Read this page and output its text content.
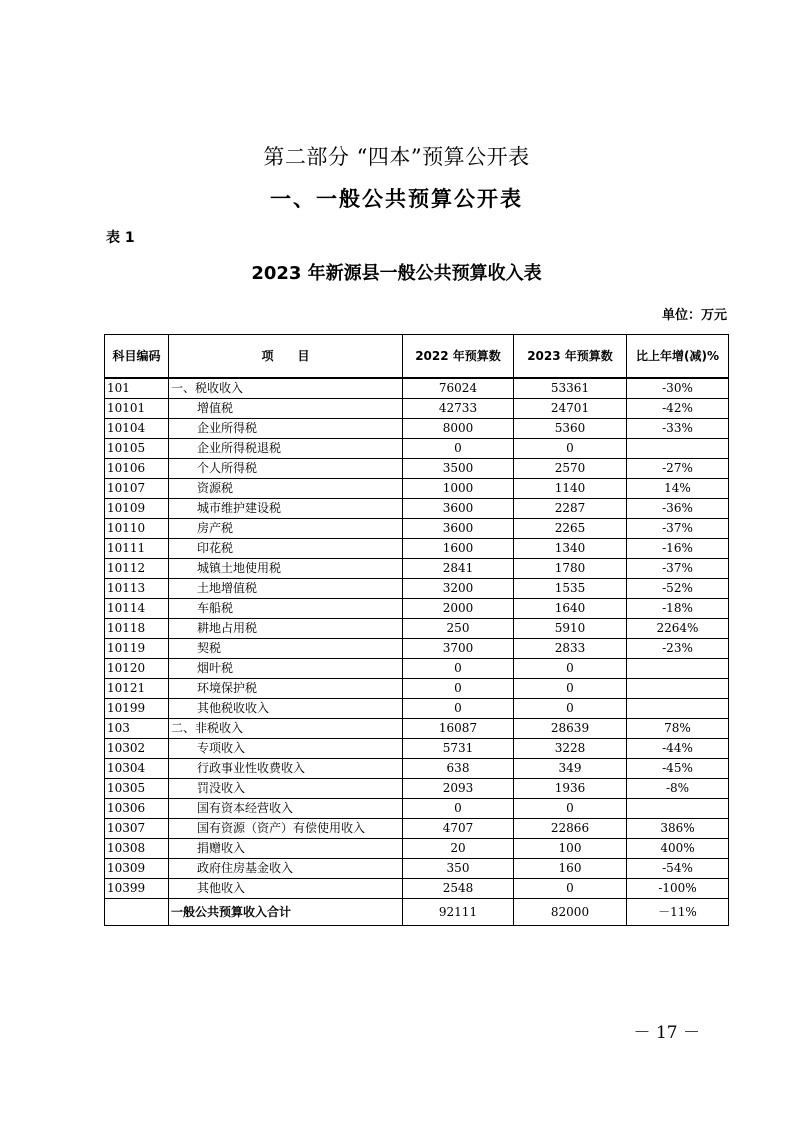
第二部分 “四本”预算公开表
一、一般公共预算公开表
表 1
2023 年新源县一般公共预算收入表
单位：万元
科目编码	项　　目	2022 年预算数	2023 年预算数	比上年增(减)%
101	一、税收收入	76024	53361	-30%
10101	增值税	42733	24701	-42%
10104	企业所得税	8000	5360	-33%
10105	企业所得税退税	0	0	
10106	个人所得税	3500	2570	-27%
10107	资源税	1000	1140	14%
10109	城市维护建设税	3600	2287	-36%
10110	房产税	3600	2265	-37%
10111	印花税	1600	1340	-16%
10112	城镇土地使用税	2841	1780	-37%
10113	土地增值税	3200	1535	-52%
10114	车船税	2000	1640	-18%
10118	耕地占用税	250	5910	2264%
10119	契税	3700	2833	-23%
10120	烟叶税	0	0	
10121	环境保护税	0	0	
10199	其他税收收入	0	0	
103	二、非税收入	16087	28639	78%
10302	专项收入	5731	3228	-44%
10304	行政事业性收费收入	638	349	-45%
10305	罚没收入	2093	1936	-8%
10306	国有资本经营收入	0	0	
10307	国有资源（资产）有偿使用收入	4707	22866	386%
10308	捐赠收入	20	100	400%
10309	政府住房基金收入	350	160	-54%
10399	其他收入	2548	0	-100%
	一般公共预算收入合计	92111	82000	－11%
－ 17 －
